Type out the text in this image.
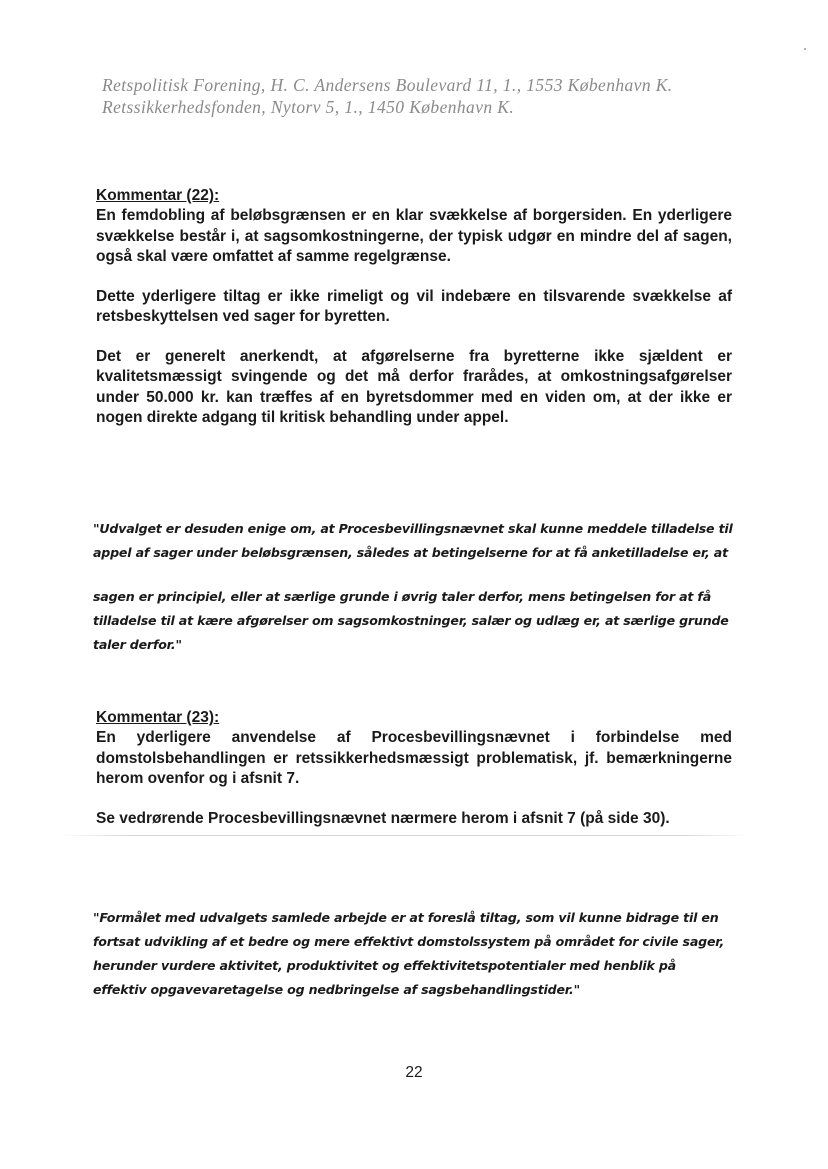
Retspolitisk Forening, H. C. Andersens Boulevard 11, 1., 1553 København K.
Retssikkerhedsfonden, Nytorv 5, 1., 1450 København K.
Kommentar (22):

En femdobling af beløbsgrænsen er en klar svækkelse af borgersiden. En yderligere svækkelse består i, at sagsomkostningerne, der typisk udgør en mindre del af sagen, også skal være omfattet af samme regelgrænse.

Dette yderligere tiltag er ikke rimeligt og vil indebære en tilsvarende svækkelse af retsbeskyttelsen ved sager for byretten.

Det er generelt anerkendt, at afgørelserne fra byretterne ikke sjældent er kvalitetsmæssigt svingende og det må derfor frarådes, at omkostningsafgørelser under 50.000 kr. kan træffes af en byretsdommer med en viden om, at der ikke er nogen direkte adgang til kritisk behandling under appel.

"Udvalget er desuden enige om, at Procesbevillingsnævnet skal kunne meddele tilladelse til appel af sager under beløbsgrænsen, således at betingelserne for at få anketilladelse er, at

sagen er principiel, eller at særlige grunde i øvrig taler derfor, mens betingelsen for at få tilladelse til at kære afgørelser om sagsomkostninger, salær og udlæg er, at særlige grunde taler derfor."

Kommentar (23):

En yderligere anvendelse af Procesbevillingsnævnet i forbindelse med domstolsbehandlingen er retssikkerhedsmæssigt problematisk, jf. bemærkningerne herom ovenfor og i afsnit 7.

Se vedrørende Procesbevillingsnævnet nærmere herom i afsnit 7 (på side 30).

"Formålet med udvalgets samlede arbejde er at foreslå tiltag, som vil kunne bidrage til en fortsat udvikling af et bedre og mere effektivt domstolssystem på området for civile sager, herunder vurdere aktivitet, produktivitet og effektivitetspotentialer med henblik på effektiv opgavevaretagelse og nedbringelse af sagsbehandlingstider."

22
